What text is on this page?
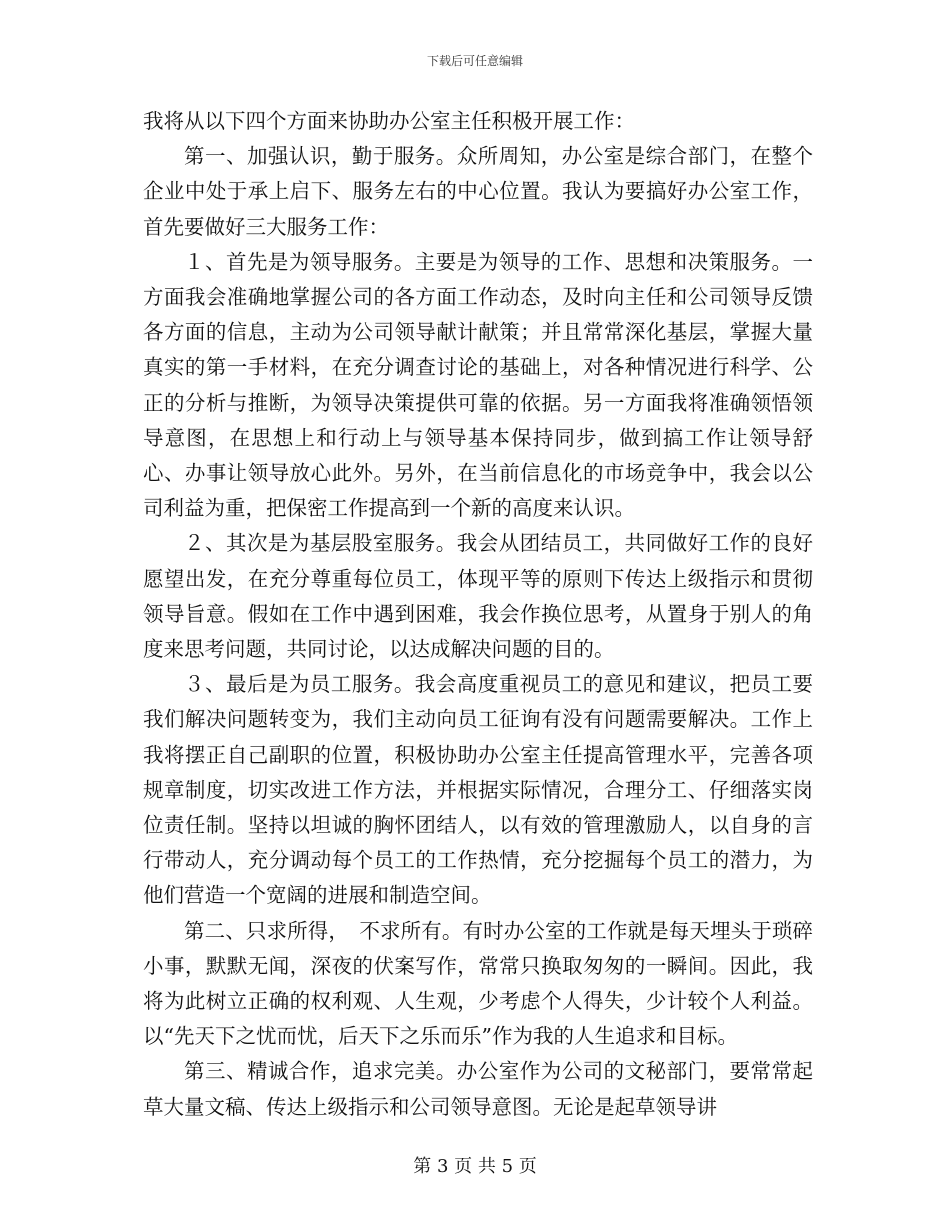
下载后可任意编辑

我将从以下四个方面来协助办公室主任积极开展工作：

第一、加强认识，勤于服务。众所周知，办公室是综合部门，在整个企业中处于承上启下、服务左右的中心位置。我认为要搞好办公室工作，首先要做好三大服务工作：

１、首先是为领导服务。主要是为领导的工作、思想和决策服务。一方面我会准确地掌握公司的各方面工作动态，及时向主任和公司领导反馈各方面的信息，主动为公司领导献计献策；并且常常深化基层，掌握大量真实的第一手材料，在充分调查讨论的基础上，对各种情况进行科学、公正的分析与推断，为领导决策提供可靠的依据。另一方面我将准确领悟领导意图，在思想上和行动上与领导基本保持同步，做到搞工作让领导舒心、办事让领导放心此外。另外，在当前信息化的市场竞争中，我会以公司利益为重，把保密工作提高到一个新的高度来认识。

２、其次是为基层股室服务。我会从团结员工，共同做好工作的良好愿望出发，在充分尊重每位员工，体现平等的原则下传达上级指示和贯彻领导旨意。假如在工作中遇到困难，我会作换位思考，从置身于别人的角度来思考问题，共同讨论，以达成解决问题的目的。

３、最后是为员工服务。我会高度重视员工的意见和建议，把员工要我们解决问题转变为，我们主动向员工征询有没有问题需要解决。工作上我将摆正自己副职的位置，积极协助办公室主任提高管理水平，完善各项规章制度，切实改进工作方法，并根据实际情况，合理分工、仔细落实岗位责任制。坚持以坦诚的胸怀团结人，以有效的管理激励人，以自身的言行带动人，充分调动每个员工的工作热情，充分挖掘每个员工的潜力，为他们营造一个宽阔的进展和制造空间。

第二、只求所得，　不求所有。有时办公室的工作就是每天埋头于琐碎小事，默默无闻，深夜的伏案写作，常常只换取匆匆的一瞬间。因此，我将为此树立正确的权利观、人生观，少考虑个人得失，少计较个人利益。以“先天下之忧而忧，后天下之乐而乐”作为我的人生追求和目标。

第三、精诚合作，追求完美。办公室作为公司的文秘部门，要常常起草大量文稿、传达上级指示和公司领导意图。无论是起草领导讲

第 3 页 共 5 页
